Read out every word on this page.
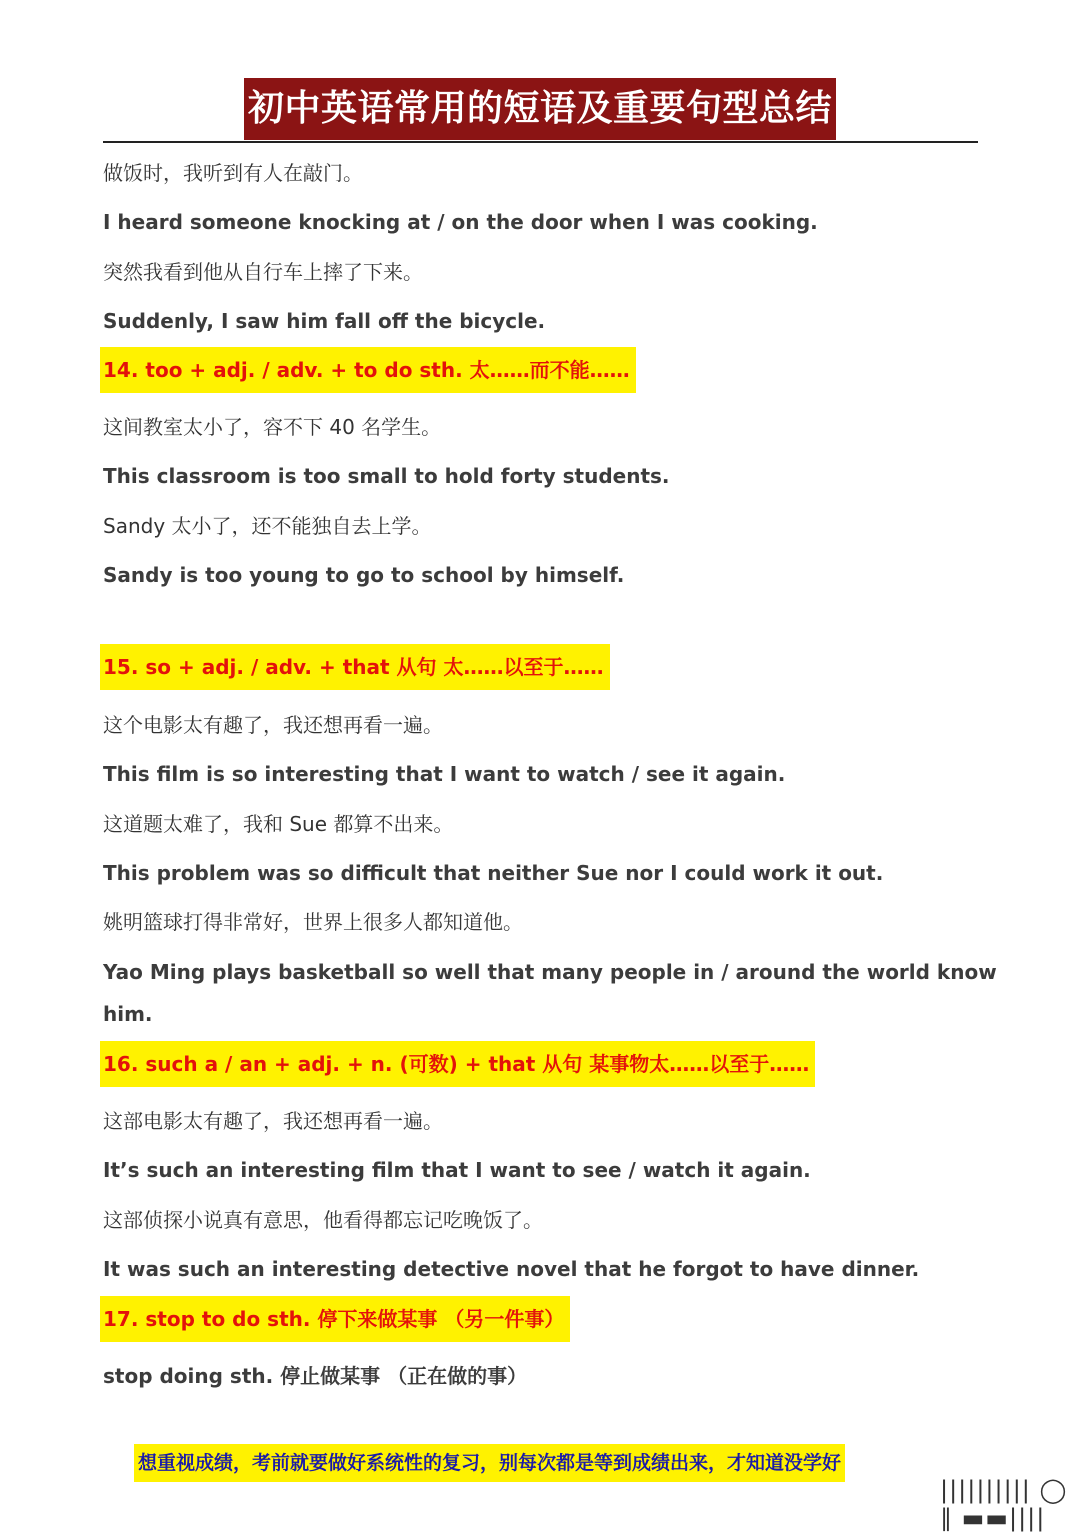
初中英语常用的短语及重要句型总结
做饭时，我听到有人在敲门。
I heard someone knocking at / on the door when I was cooking.
突然我看到他从自行车上摔了下来。
Suddenly, I saw him fall off the bicycle.
14. too + adj. / adv. + to do sth. 太……而不能……
这间教室太小了，容不下 40 名学生。
This classroom is too small to hold forty students.
Sandy 太小了，还不能独自去上学。
Sandy is too young to go to school by himself.
15. so + adj. / adv. + that 从句 太……以至于……
这个电影太有趣了，我还想再看一遍。
This film is so interesting that I want to watch / see it again.
这道题太难了，我和 Sue 都算不出来。
This problem was so difficult that neither Sue nor I could work it out.
姚明篮球打得非常好，世界上很多人都知道他。
Yao Ming plays basketball so well that many people in / around the world know
him.
16. such a / an + adj. + n. (可数) + that 从句 某事物太……以至于……
这部电影太有趣了，我还想再看一遍。
It’s such an interesting film that I want to see / watch it again.
这部侦探小说真有意思，他看得都忘记吃晚饭了。
It was such an interesting detective novel that he forgot to have dinner.
17. stop to do sth. 停下来做某事 （另一件事）
stop doing sth. 停止做某事 （正在做的事）
想重视成绩，考前就要做好系统性的复习，别每次都是等到成绩出来，才知道没学好
|||||||||| ◯ ∥ ▬▬||||
